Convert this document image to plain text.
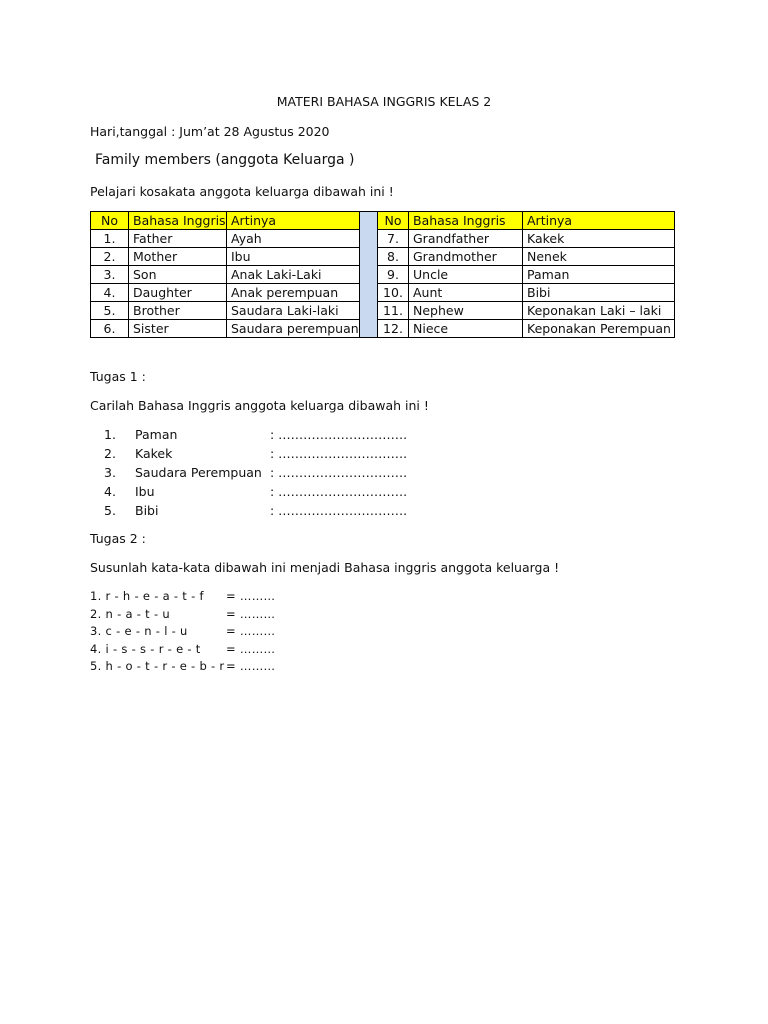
MATERI BAHASA INGGRIS KELAS 2
Hari,tanggal : Jum’at 28 Agustus 2020
Family members (anggota Keluarga )
Pelajari kosakata anggota keluarga dibawah ini !
No	Bahasa Inggris	Artinya		No	Bahasa Inggris	Artinya
1.	Father	Ayah		7.	Grandfather	Kakek
2.	Mother	Ibu		8.	Grandmother	Nenek
3.	Son	Anak Laki-Laki		9.	Uncle	Paman
4.	Daughter	Anak perempuan		10.	Aunt	Bibi
5.	Brother	Saudara Laki-laki		11.	Nephew	Keponakan Laki – laki
6.	Sister	Saudara perempuan		12.	Niece	Keponakan Perempuan
Tugas 1 :
Carilah Bahasa Inggris anggota keluarga dibawah ini !
1. Paman	: ………………………….
2. Kakek	: ………………………….
3. Saudara Perempuan : ………………………….
4. Ibu	: ………………………….
5. Bibi	: ………………………….
Tugas 2 :
Susunlah kata-kata dibawah ini menjadi Bahasa inggris anggota keluarga !
1. r - h - e - a - t - f = ………
2. n - a - t - u	= ………
3. c - e - n - l - u	= ………
4. i - s - s - r - e - t = ………
5. h - o - t - r - e - b - r = ………
